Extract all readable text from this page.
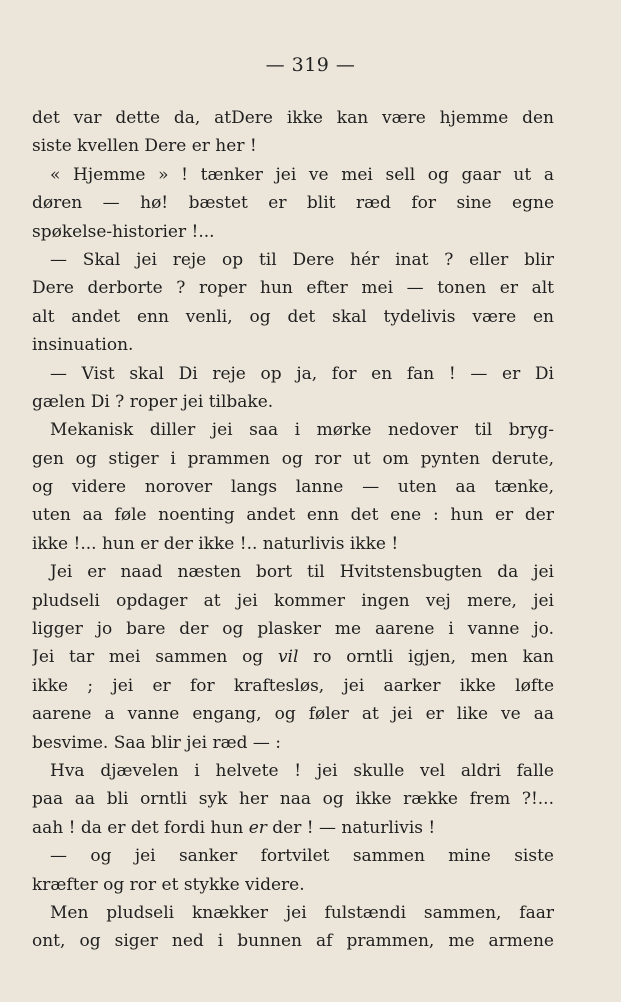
— 319 —
det var dette da, atDere ikke kan være hjemme den
siste kvellen Dere er her !
« Hjemme » ! tænker jei ve mei sell og gaar ut a
døren — hø! bæstet er blit ræd for sine egne
spøkelse-historier !...
— Skal jei reje op til Dere hér inat ? eller blir
Dere derborte ? roper hun efter mei — tonen er alt
alt andet enn venli, og det skal tydelivis være en
insinuation.
— Vist skal Di reje op ja, for en fan ! — er Di
gælen Di ? roper jei tilbake.
Mekanisk diller jei saa i mørke nedover til bryg-
gen og stiger i prammen og ror ut om pynten derute,
og videre norover langs lanne — uten aa tænke,
uten aa føle noenting andet enn det ene : hun er der
ikke !... hun er der ikke !.. naturlivis ikke !
Jei er naad næsten bort til Hvitstensbugten da jei
pludseli opdager at jei kommer ingen vej mere, jei
ligger jo bare der og plasker me aarene i vanne jo.
Jei tar mei sammen og vil ro orntli igjen, men kan
ikke ; jei er for kraftesløs, jei aarker ikke løfte
aarene a vanne engang, og føler at jei er like ve aa
besvime. Saa blir jei ræd — :
Hva djævelen i helvete ! jei skulle vel aldri falle
paa aa bli orntli syk her naa og ikke række frem ?!...
aah ! da er det fordi hun er der ! — naturlivis !
— og jei sanker fortvilet sammen mine siste
kræfter og ror et stykke videre.
Men pludseli knækker jei fulstændi sammen, faar
ont, og siger ned i bunnen af prammen, me armene
